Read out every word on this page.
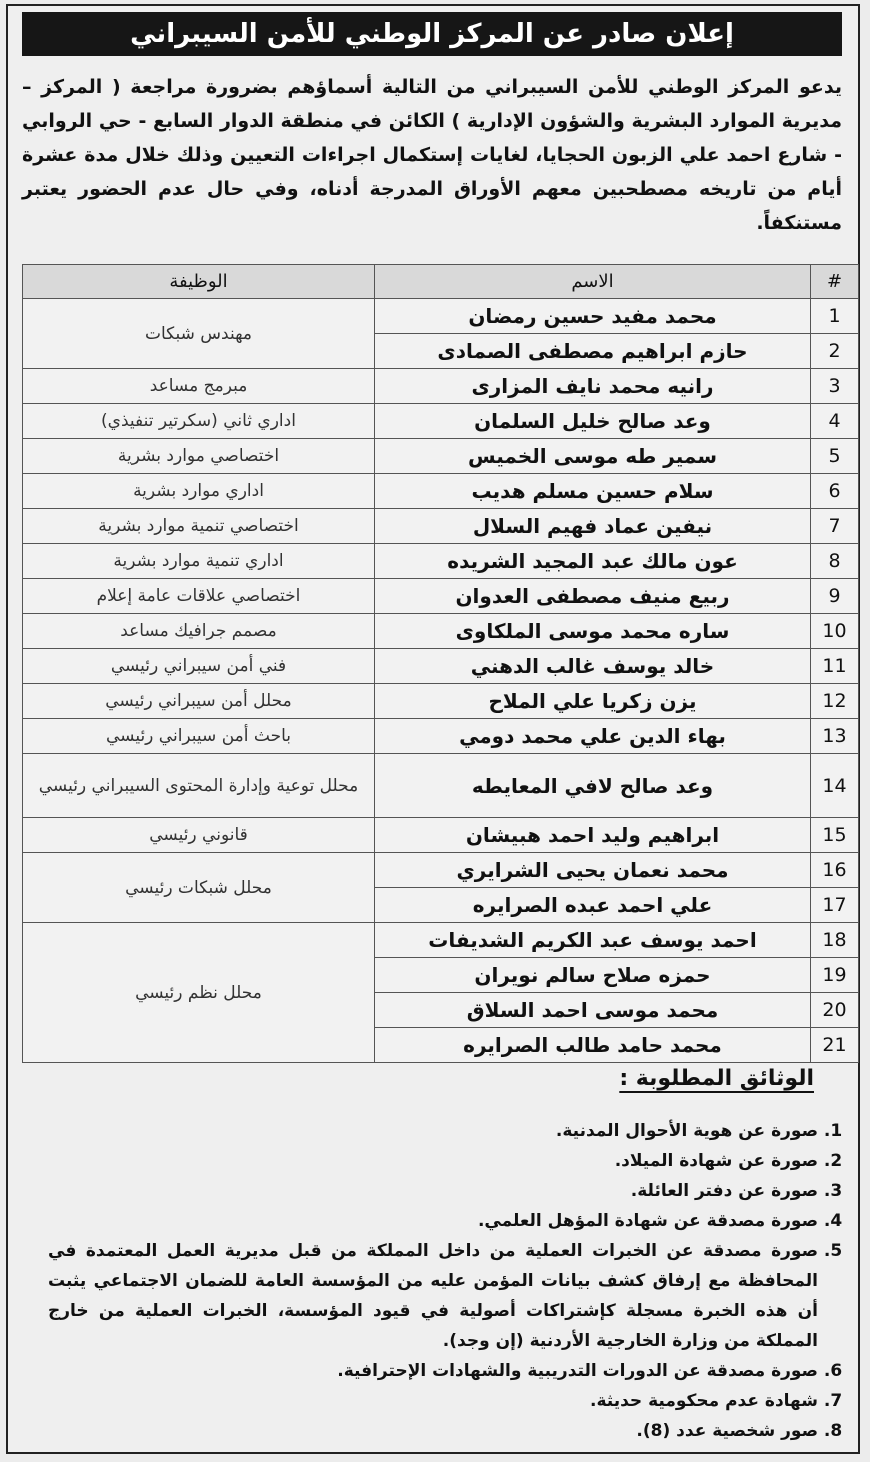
إعلان صادر عن المركز الوطني للأمن السيبراني
يدعو المركز الوطني للأمن السيبراني من التالية أسماؤهم بضرورة مراجعة ( المركز – مديرية الموارد البشرية والشؤون الإدارية ) الكائن في منطقة الدوار السابع - حي الروابي - شارع احمد علي الزبون الحجايا، لغايات إستكمال اجراءات التعيين وذلك خلال مدة عشرة أيام من تاريخه مصطحبين معهم الأوراق المدرجة أدناه، وفي حال عدم الحضور يعتبر مستنكفاً.
#	الاسم	الوظيفة
1	محمد مفيد حسين رمضان	مهندس شبكات
2	حازم ابراهيم مصطفى الصمادى	
3	رانيه محمد نايف المزارى	مبرمج مساعد
4	وعد صالح خليل السلمان	اداري ثاني (سكرتير تنفيذي)
5	سمير طه موسى الخميس	اختصاصي موارد بشرية
6	سلام حسين مسلم هديب	اداري موارد بشرية
7	نيفين عماد فهيم السلال	اختصاصي تنمية موارد بشرية
8	عون مالك عبد المجيد الشريده	اداري تنمية موارد بشرية
9	ربيع منيف مصطفى العدوان	اختصاصي علاقات عامة إعلام
10	ساره محمد موسى الملكاوى	مصمم جرافيك مساعد
11	خالد يوسف غالب الدهني	فني أمن سيبراني رئيسي
12	يزن زكريا علي الملاح	محلل أمن سيبراني رئيسي
13	بهاء الدين علي محمد دومي	باحث أمن سيبراني رئيسي
14	وعد صالح لافي المعايطه	محلل توعية وإدارة المحتوى السيبراني رئيسي
15	ابراهيم وليد احمد هبيشان	قانوني رئيسي
16	محمد نعمان يحيى الشرايري	محلل شبكات رئيسي
17	علي احمد عبده الصرايره	
18	احمد يوسف عبد الكريم الشديفات	محلل نظم رئيسي
19	حمزه صلاح سالم نويران	
20	محمد موسى احمد السلاق	
21	محمد حامد طالب الصرايره	
الوثائق المطلوبة :
1. صورة عن هوية الأحوال المدنية.
2. صورة عن شهادة الميلاد.
3. صورة عن دفتر العائلة.
4. صورة مصدقة عن شهادة المؤهل العلمي.
5. صورة مصدقة عن الخبرات العملية من داخل المملكة من قبل مديرية العمل المعتمدة في المحافظة مع إرفاق كشف بيانات المؤمن عليه من المؤسسة العامة للضمان الاجتماعي يثبت أن هذه الخبرة مسجلة كإشتراكات أصولية في قيود المؤسسة، الخبرات العملية من خارج المملكة من وزارة الخارجية الأردنية (إن وجد).
6. صورة مصدقة عن الدورات التدريبية والشهادات الإحترافية.
7. شهادة عدم محكومية حديثة.
8. صور شخصية عدد (8).
